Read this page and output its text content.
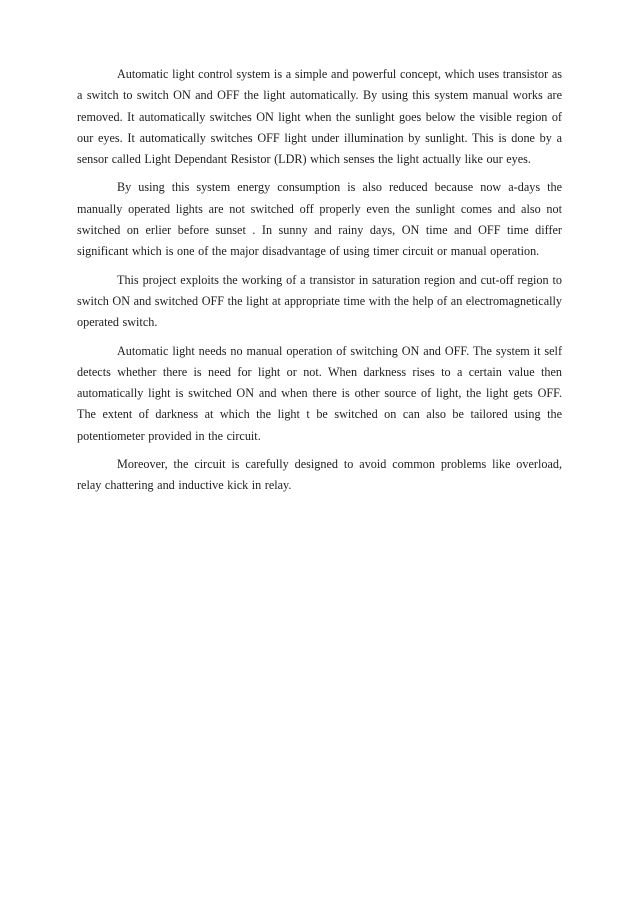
Automatic light control system is a simple and powerful concept, which uses transistor as a switch to switch ON and OFF the light automatically. By using this system manual works are removed. It automatically switches ON light when the sunlight goes below the visible region of our eyes. It automatically switches OFF light under illumination by sunlight. This is done by a sensor called Light Dependant Resistor (LDR) which senses the light actually like our eyes.

By using this system energy consumption is also reduced because now a-days the manually operated lights are not switched off properly even the sunlight comes and also not switched on erlier before sunset . In sunny and rainy days, ON time and OFF time differ significant which is one of the major disadvantage of using timer circuit or manual operation.

This project exploits the working of a transistor in saturation region and cut-off region to switch ON and switched OFF the light at appropriate time with the help of an electromagnetically operated switch.

Automatic light needs no manual operation of switching ON and OFF. The system it self detects whether there is need for light or not. When darkness rises to a certain value then automatically light is switched ON and when there is other source of light, the light gets OFF. The extent of darkness at which the light t be switched on can also be tailored using the potentiometer provided in the circuit.

Moreover, the circuit is carefully designed to avoid common problems like overload, relay chattering and inductive kick in relay.
